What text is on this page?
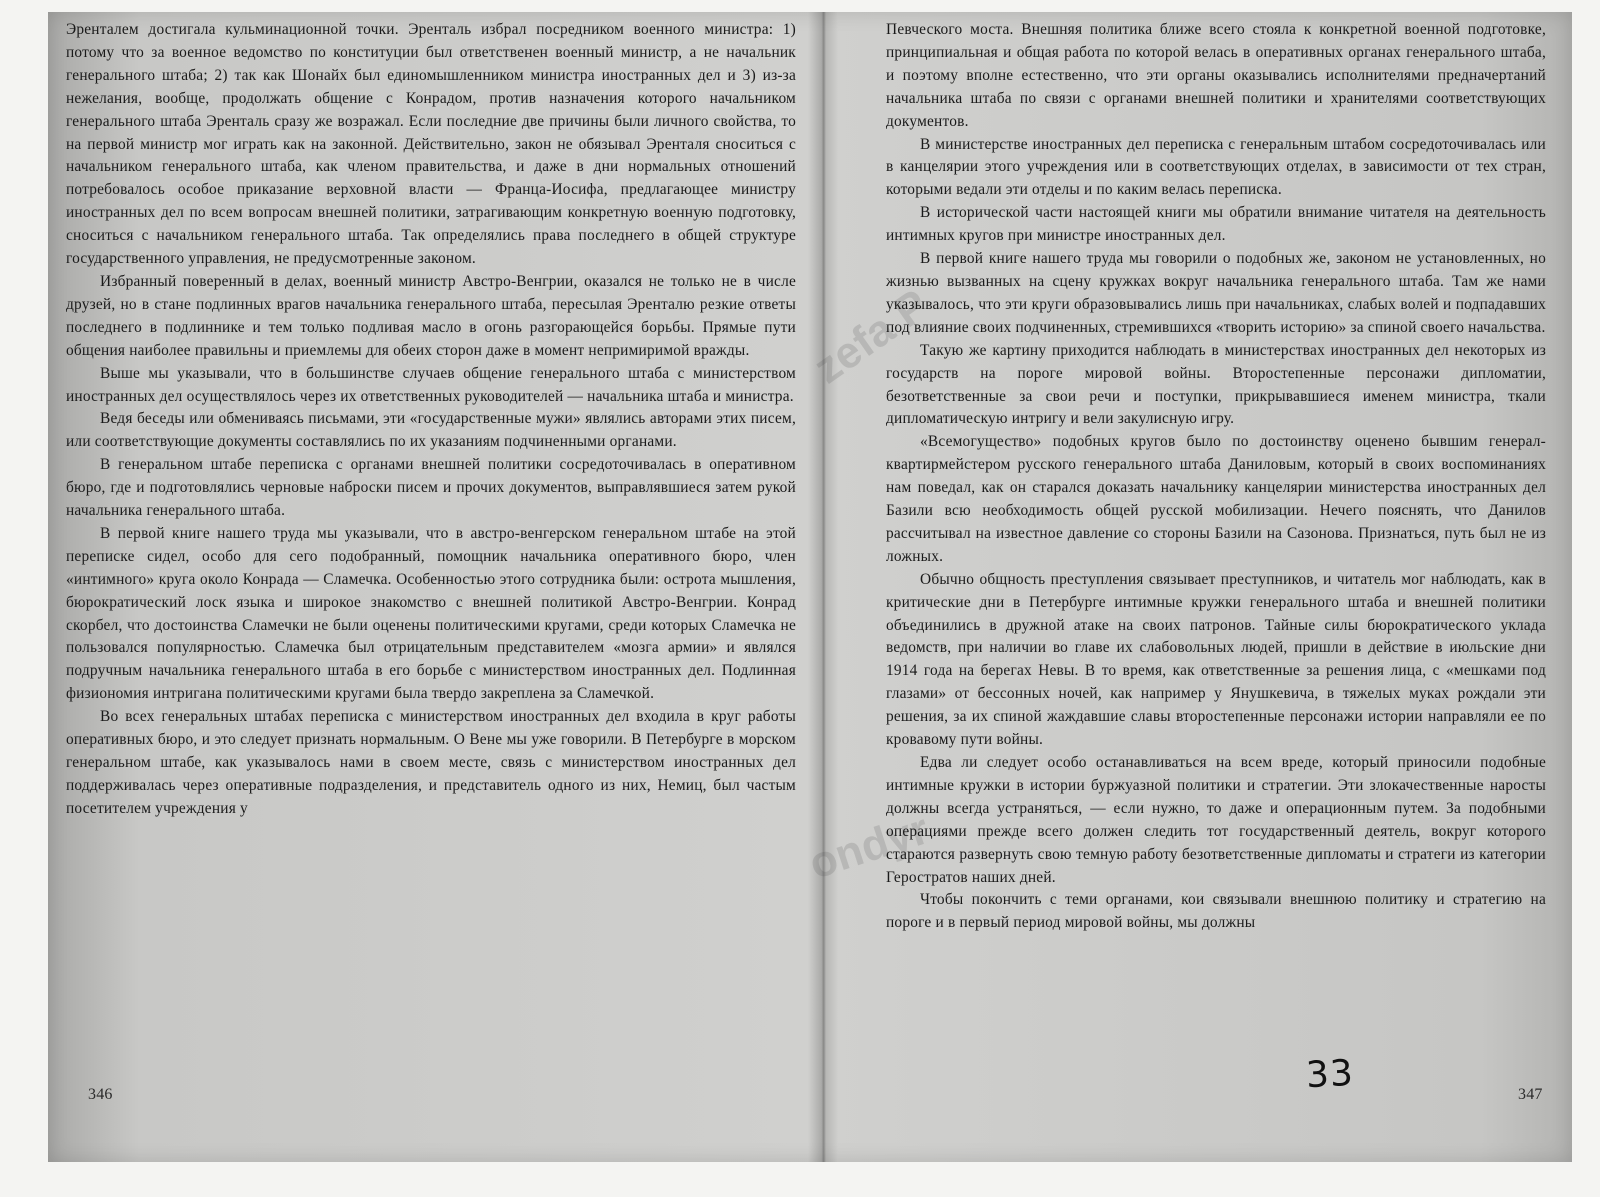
Эренталем достигала кульминационной точки. Эренталь избрал посредником военного министра: 1) потому что за военное ведомство по конституции был ответственен военный министр, а не начальник генерального штаба; 2) так как Шонайх был единомышленником министра иностранных дел и 3) из-за нежелания, вообще, продолжать общение с Конрадом, против назначения которого начальником генерального штаба Эренталь сразу же возражал. Если последние две причины были личного свойства, то на первой министр мог играть как на законной. Действительно, закон не обязывал Эренталя сноситься с начальником генерального штаба, как членом правительства, и даже в дни нормальных отношений потребовалось особое приказание верховной власти — Франца-Иосифа, предлагающее министру иностранных дел по всем вопросам внешней политики, затрагивающим конкретную военную подготовку, сноситься с начальником генерального штаба. Так определялись права последнего в общей структуре государственного управления, не предусмотренные законом.

Избранный поверенный в делах, военный министр Австро-Венгрии, оказался не только не в числе друзей, но в стане подлинных врагов начальника генерального штаба, пересылая Эренталю резкие ответы последнего в подлиннике и тем только подливая масло в огонь разгорающейся борьбы. Прямые пути общения наиболее правильны и приемлемы для обеих сторон даже в момент непримиримой вражды.

Выше мы указывали, что в большинстве случаев общение генерального штаба с министерством иностранных дел осуществлялось через их ответственных руководителей — начальника штаба и министра.

Ведя беседы или обмениваясь письмами, эти «государственные мужи» являлись авторами этих писем, или соответствующие документы составлялись по их указаниям подчиненными органами.

В генеральном штабе переписка с органами внешней политики сосредоточивалась в оперативном бюро, где и подготовлялись черновые наброски писем и прочих документов, выправлявшиеся затем рукой начальника генерального штаба.

В первой книге нашего труда мы указывали, что в австро-венгерском генеральном штабе на этой переписке сидел, особо для сего подобранный, помощник начальника оперативного бюро, член «интимного» круга около Конрада — Сламечка. Особенностью этого сотрудника были: острота мышления, бюрократический лоск языка и широкое знакомство с внешней политикой Австро-Венгрии. Конрад скорбел, что достоинства Сламечки не были оценены политическими кругами, среди которых Сламечка не пользовался популярностью. Сламечка был отрицательным представителем «мозга армии» и являлся подручным начальника генерального штаба в его борьбе с министерством иностранных дел. Подлинная физиономия интригана политическими кругами была твердо закреплена за Сламечкой.

Во всех генеральных штабах переписка с министерством иностранных дел входила в круг работы оперативных бюро, и это следует признать нормальным. О Вене мы уже говорили. В Петербурге в морском генеральном штабе, как указывалось нами в своем месте, связь с министерством иностранных дел поддерживалась через оперативные подразделения, и представитель одного из них, Немиц, был частым посетителем учреждения у

346
zefa P
ondyr

Певческого моста. Внешняя политика ближе всего стояла к конкретной военной подготовке, принципиальная и общая работа по которой велась в оперативных органах генерального штаба, и поэтому вполне естественно, что эти органы оказывались исполнителями предначертаний начальника штаба по связи с органами внешней политики и хранителями соответствующих документов.

В министерстве иностранных дел переписка с генеральным штабом сосредоточивалась или в канцелярии этого учреждения или в соответствующих отделах, в зависимости от тех стран, которыми ведали эти отделы и по каким велась переписка.

В исторической части настоящей книги мы обратили внимание читателя на деятельность интимных кругов при министре иностранных дел.

В первой книге нашего труда мы говорили о подобных же, законом не установленных, но жизнью вызванных на сцену кружках вокруг начальника генерального штаба. Там же нами указывалось, что эти круги образовывались лишь при начальниках, слабых волей и подпадавших под влияние своих подчиненных, стремившихся «творить историю» за спиной своего начальства.

Такую же картину приходится наблюдать в министерствах иностранных дел некоторых из государств на пороге мировой войны. Второстепенные персонажи дипломатии, безответственные за свои речи и поступки, прикрывавшиеся именем министра, ткали дипломатическую интригу и вели закулисную игру.

«Всемогущество» подобных кругов было по достоинству оценено бывшим генерал-квартирмейстером русского генерального штаба Даниловым, который в своих воспоминаниях нам поведал, как он старался доказать начальнику канцелярии министерства иностранных дел Базили всю необходимость общей русской мобилизации. Нечего пояснять, что Данилов рассчитывал на известное давление со стороны Базили на Сазонова. Признаться, путь был не из ложных.

Обычно общность преступления связывает преступников, и читатель мог наблюдать, как в критические дни в Петербурге интимные кружки генерального штаба и внешней политики объединились в дружной атаке на своих патронов. Тайные силы бюрократического уклада ведомств, при наличии во главе их слабовольных людей, пришли в действие в июльские дни 1914 года на берегах Невы. В то время, как ответственные за решения лица, с «мешками под глазами» от бессонных ночей, как например у Янушкевича, в тяжелых муках рождали эти решения, за их спиной жаждавшие славы второстепенные персонажи истории направляли ее по кровавому пути войны.

Едва ли следует особо останавливаться на всем вреде, который приносили подобные интимные кружки в истории буржуазной политики и стратегии. Эти злокачественные наросты должны всегда устраняться, — если нужно, то даже и операционным путем. За подобными операциями прежде всего должен следить тот государственный деятель, вокруг которого стараются развернуть свою темную работу безответственные дипломаты и стратеги из категории Геростратов наших дней.

Чтобы покончить с теми органами, кои связывали внешнюю политику и стратегию на пороге и в первый период мировой войны, мы должны

33	347
